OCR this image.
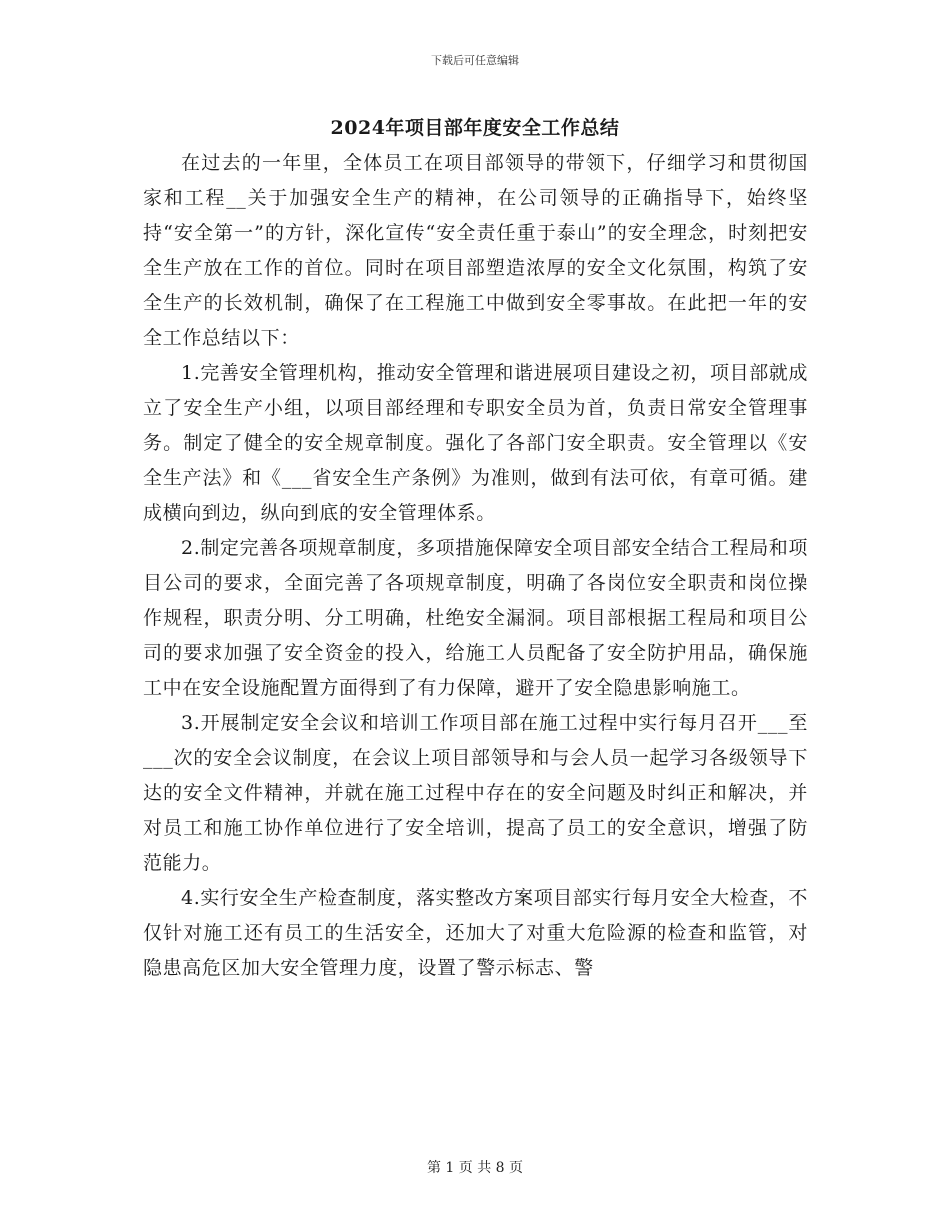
下载后可任意编辑
2024年项目部年度安全工作总结

在过去的一年里，全体员工在项目部领导的带领下，仔细学习和贯彻国家和工程__关于加强安全生产的精神，在公司领导的正确指导下，始终坚持“安全第一”的方针，深化宣传“安全责任重于泰山”的安全理念，时刻把安全生产放在工作的首位。同时在项目部塑造浓厚的安全文化氛围，构筑了安全生产的长效机制，确保了在工程施工中做到安全零事故。在此把一年的安全工作总结以下：

1.完善安全管理机构，推动安全管理和谐进展项目建设之初，项目部就成立了安全生产小组，以项目部经理和专职安全员为首，负责日常安全管理事务。制定了健全的安全规章制度。强化了各部门安全职责。安全管理以《安全生产法》和《___省安全生产条例》为准则，做到有法可依，有章可循。建成横向到边，纵向到底的安全管理体系。

2.制定完善各项规章制度，多项措施保障安全项目部安全结合工程局和项目公司的要求，全面完善了各项规章制度，明确了各岗位安全职责和岗位操作规程，职责分明、分工明确，杜绝安全漏洞。项目部根据工程局和项目公司的要求加强了安全资金的投入，给施工人员配备了安全防护用品，确保施工中在安全设施配置方面得到了有力保障，避开了安全隐患影响施工。

3.开展制定安全会议和培训工作项目部在施工过程中实行每月召开___至___次的安全会议制度，在会议上项目部领导和与会人员一起学习各级领导下达的安全文件精神，并就在施工过程中存在的安全问题及时纠正和解决，并对员工和施工协作单位进行了安全培训，提高了员工的安全意识，增强了防范能力。

4.实行安全生产检查制度，落实整改方案项目部实行每月安全大检查，不仅针对施工还有员工的生活安全，还加大了对重大危险源的检查和监管，对隐患高危区加大安全管理力度，设置了警示标志、警

第 1 页 共 8 页
